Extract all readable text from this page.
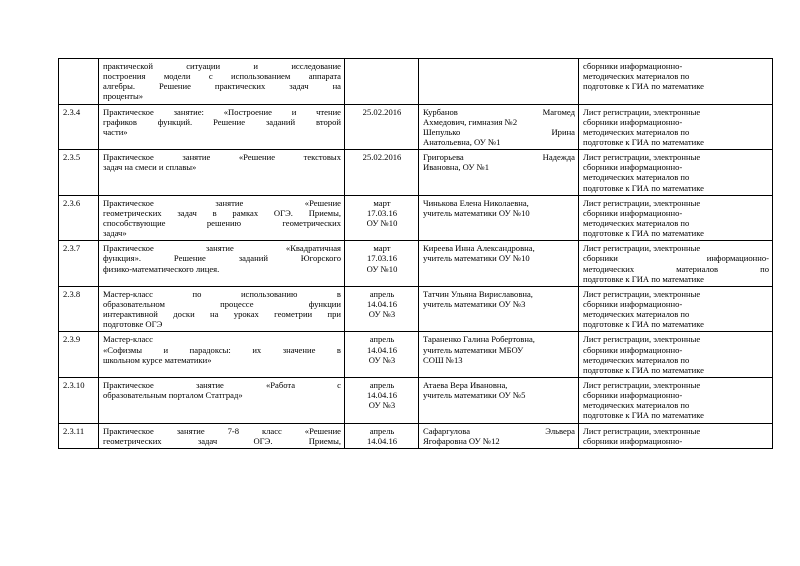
	практической ситуации и исследование
построения модели с использованием аппарата
алгебры. Решение практических задач на
проценты»			сборники информационно-
методических материалов по
подготовке к ГИА по математике

2.3.4	Практическое занятие: «Построение и чтение
графиков функций. Решение заданий второй
части»	25.02.2016	Курбанов Магомед
Ахмедович, гимназия №2
Шепулько Ирина
Анатольевна, ОУ №1	Лист регистрации, электронные
сборники информационно-
методических материалов по
подготовке к ГИА по математике

2.3.5	Практическое занятие «Решение текстовых
задач на смеси и сплавы»	25.02.2016	Григорьева Надежда
Ивановна, ОУ №1	Лист регистрации, электронные
сборники информационно-
методических материалов по
подготовке к ГИА по математике

2.3.6	Практическое занятие «Решение
геометрических задач в рамках ОГЭ. Приемы,
способствующие решению геометрических
задач»	март
17.03.16
ОУ №10	Чинькова Елена Николаевна,
учитель математики ОУ №10	Лист регистрации, электронные
сборники информационно-
методических материалов по
подготовке к ГИА по математике

2.3.7	Практическое занятие «Квадратичная
функция». Решение заданий Югорского
физико-математического лицея.	март
17.03.16
ОУ №10	Киреева Инна Александровна,
учитель математики ОУ №10	Лист регистрации, электронные
сборники информационно-
методических материалов по
подготовке к ГИА по математике

2.3.8	Мастер-класс по использованию в
образовательном процессе функции
интерактивной доски на уроках геометрии при
подготовке ОГЭ	апрель
14.04.16
ОУ №3	Татчин Ульяна Вириславовна,
учитель математики ОУ №3	Лист регистрации, электронные
сборники информационно-
методических материалов по
подготовке к ГИА по математике

2.3.9	Мастер-класс
«Софизмы и парадоксы: их значение в
школьном курсе математики»	апрель
14.04.16
ОУ №3	Тараненко Галина Робертовна,
учитель математики МБОУ
СОШ №13	Лист регистрации, электронные
сборники информационно-
методических материалов по
подготовке к ГИА по математике

2.3.10	Практическое занятие «Работа с
образовательным порталом Статград»	апрель
14.04.16
ОУ №3	Атаева Вера Ивановна,
учитель математики ОУ №5	Лист регистрации, электронные
сборники информационно-
методических материалов по
подготовке к ГИА по математике

2.3.11	Практическое занятие 7-8 класс «Решение
геометрических задач ОГЭ. Приемы,	апрель
14.04.16	Сафаргулова Эльвера
Ягофаровна ОУ №12	Лист регистрации, электронные
сборники информационно-
